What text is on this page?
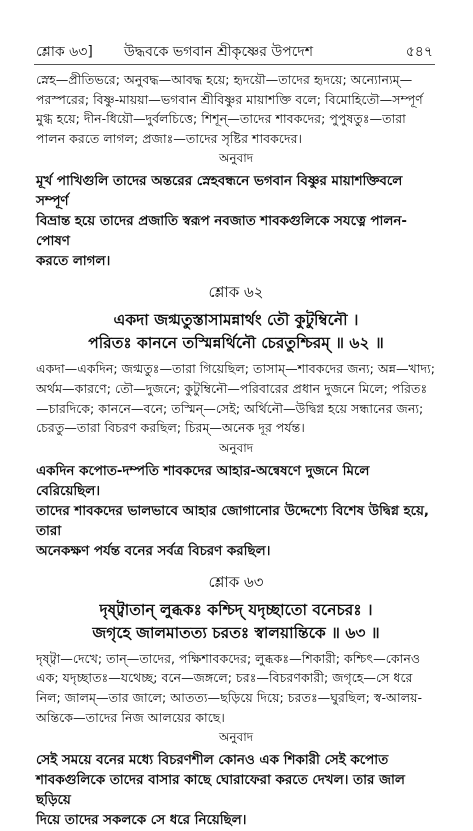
শ্লোক ৬৩] উদ্ধবকে ভগবান শ্রীকৃষ্ণের উপদেশ	৫৪৭

স্নেহ—প্রীতিভরে; অনুবদ্ধ—আবদ্ধ হয়ে; হৃদয়ৌ—তাদের হৃদয়ে; অন্যোন্যম্—

পরস্পরের; বিষ্ণু-মায়য়া—ভগবান শ্রীবিষ্ণুর মায়াশক্তি বলে; বিমোহিতৌ—সম্পূর্ণ

মুগ্ধ হয়ে; দীন-ধিয়ৌ—দুর্বলচিত্তে; শিশূন্—তাদের শাবকদের; পুপুষতুঃ—তারা

পালন করতে লাগল; প্রজাঃ—তাদের সৃষ্টির শাবকদের।

অনুবাদ

মূর্খ পাখিগুলি তাদের অন্তরের স্নেহবন্ধনে ভগবান বিষ্ণুর মায়াশক্তিবলে সম্পূর্ণ

বিভ্রান্ত হয়ে তাদের প্রজাতি স্বরূপ নবজাত শাবকগুলিকে সযত্নে পালন-পোষণ

করতে লাগল।

শ্লোক ৬২

একদা জগ্মতুস্তাসামন্নার্থং তৌ কুটুম্বিনৌ ।

পরিতঃ কাননে তস্মিন্নর্থিনৌ চেরতুশ্চিরম্ ॥ ৬২ ॥

একদা—একদিন; জগ্মতুঃ—তারা গিয়েছিল; তাসাম্—শাবকদের জন্য; অন্ন—খাদ্য;

অর্থম—কারণে; তৌ—দুজনে; কুটুম্বিনৌ—পরিবারের প্রধান দুজনে মিলে; পরিতঃ

—চারদিকে; কাননে—বনে; তস্মিন্—সেই; অর্থিনৌ—উদ্বিগ্ন হয়ে সন্ধানের জন্য;

চেরতু—তারা বিচরণ করছিল; চিরম্—অনেক দূর পর্যন্ত।

অনুবাদ

একদিন কপোত-দম্পতি শাবকদের আহার-অন্বেষণে দুজনে মিলে বেরিয়েছিল।

তাদের শাবকদের ভালভাবে আহার জোগানোর উদ্দেশ্যে বিশেষ উদ্বিগ্ন হয়ে, তারা

অনেকক্ষণ পর্যন্ত বনের সর্বত্র বিচরণ করছিল।

শ্লোক ৬৩

দৃষ্ট্বাতান্ লুব্ধকঃ কশ্চিদ্ যদৃচ্ছাতো বনেচরঃ ।

জগৃহে জালমাতত্য চরতঃ স্বালয়ান্তিকে ॥ ৬৩ ॥

দৃষ্ট্বা—দেখে; তান্—তাদের, পক্ষিশাবকদের; লুব্ধকঃ—শিকারী; কশ্চিৎ—কোনও

এক; যদৃচ্ছাতঃ—যথেচ্ছ; বনে—জঙ্গলে; চরঃ—বিচরণকারী; জগৃহে—সে ধরে

নিল; জালম্—তার জালে; আতত্য—ছড়িয়ে দিয়ে; চরতঃ—ঘুরছিল; স্ব-আলয়-

অন্তিকে—তাদের নিজ আলয়ের কাছে।

অনুবাদ

সেই সময়ে বনের মধ্যে বিচরণশীল কোনও এক শিকারী সেই কপোত

শাবকগুলিকে তাদের বাসার কাছে ঘোরাফেরা করতে দেখল। তার জাল ছড়িয়ে

দিয়ে তাদের সকলকে সে ধরে নিয়েছিল।
